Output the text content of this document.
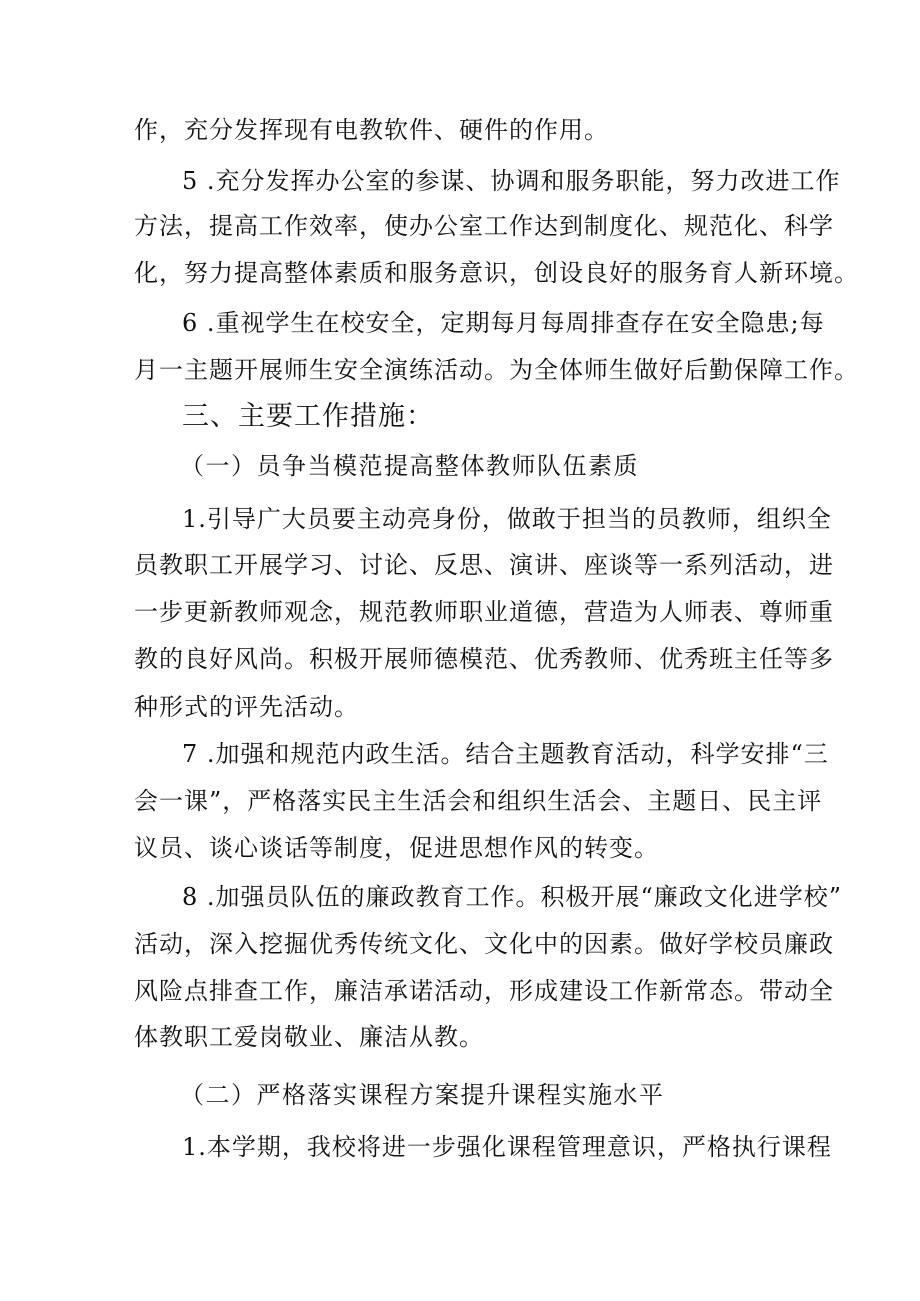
作，充分发挥现有电教软件、硬件的作用。
5 .充分发挥办公室的参谋、协调和服务职能，努力改进工作
方法，提高工作效率，使办公室工作达到制度化、规范化、科学
化，努力提高整体素质和服务意识，创设良好的服务育人新环境。
6 .重视学生在校安全，定期每月每周排查存在安全隐患;每
月一主题开展师生安全演练活动。为全体师生做好后勤保障工作。
三、主要工作措施：
（一）员争当模范提高整体教师队伍素质
1.引导广大员要主动亮身份，做敢于担当的员教师，组织全
员教职工开展学习、讨论、反思、演讲、座谈等一系列活动，进
一步更新教师观念，规范教师职业道德，营造为人师表、尊师重
教的良好风尚。积极开展师德模范、优秀教师、优秀班主任等多
种形式的评先活动。
7 .加强和规范内政生活。结合主题教育活动，科学安排“三
会一课”，严格落实民主生活会和组织生活会、主题日、民主评
议员、谈心谈话等制度，促进思想作风的转变。
8 .加强员队伍的廉政教育工作。积极开展“廉政文化进学校”
活动，深入挖掘优秀传统文化、文化中的因素。做好学校员廉政
风险点排查工作，廉洁承诺活动，形成建设工作新常态。带动全
体教职工爱岗敬业、廉洁从教。
（二）严格落实课程方案提升课程实施水平
1.本学期，我校将进一步强化课程管理意识，严格执行课程
